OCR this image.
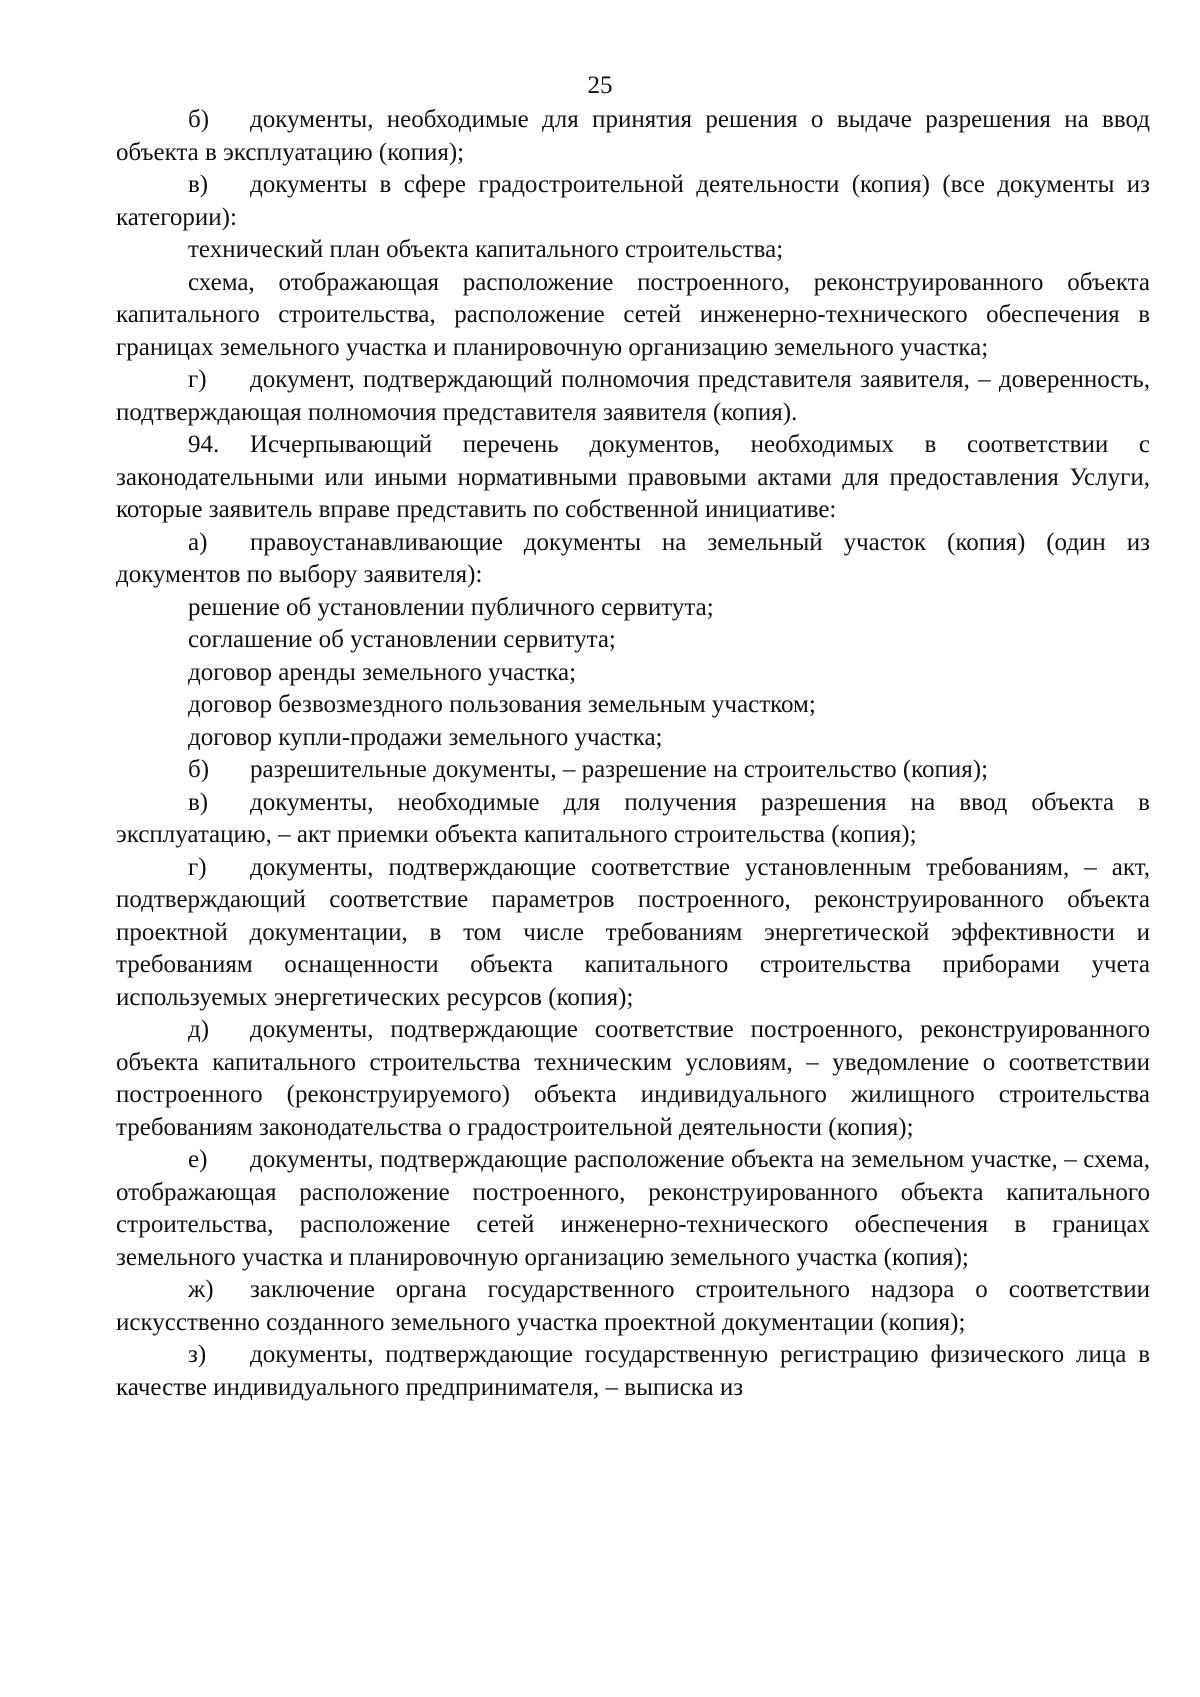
25

б) документы, необходимые для принятия решения о выдаче разрешения на ввод объекта в эксплуатацию (копия);

в) документы в сфере градостроительной деятельности (копия) (все документы из категории):

технический план объекта капитального строительства;

схема, отображающая расположение построенного, реконструированного объекта капитального строительства, расположение сетей инженерно-технического обеспечения в границах земельного участка и планировочную организацию земельного участка;

г) документ, подтверждающий полномочия представителя заявителя, – доверенность, подтверждающая полномочия представителя заявителя (копия).

94. Исчерпывающий перечень документов, необходимых в соответствии с законодательными или иными нормативными правовыми актами для предоставления Услуги, которые заявитель вправе представить по собственной инициативе:

а) правоустанавливающие документы на земельный участок (копия) (один из документов по выбору заявителя):

решение об установлении публичного сервитута;

соглашение об установлении сервитута;

договор аренды земельного участка;

договор безвозмездного пользования земельным участком;

договор купли-продажи земельного участка;

б) разрешительные документы, – разрешение на строительство (копия);

в) документы, необходимые для получения разрешения на ввод объекта в эксплуатацию, – акт приемки объекта капитального строительства (копия);

г) документы, подтверждающие соответствие установленным требованиям, – акт, подтверждающий соответствие параметров построенного, реконструированного объекта проектной документации, в том числе требованиям энергетической эффективности и требованиям оснащенности объекта капитального строительства приборами учета используемых энергетических ресурсов (копия);

д) документы, подтверждающие соответствие построенного, реконструированного объекта капитального строительства техническим условиям, – уведомление о соответствии построенного (реконструируемого) объекта индивидуального жилищного строительства требованиям законодательства о градостроительной деятельности (копия);

е) документы, подтверждающие расположение объекта на земельном участке, – схема, отображающая расположение построенного, реконструированного объекта капитального строительства, расположение сетей инженерно-технического обеспечения в границах земельного участка и планировочную организацию земельного участка (копия);

ж) заключение органа государственного строительного надзора о соответствии искусственно созданного земельного участка проектной документации (копия);

з) документы, подтверждающие государственную регистрацию физического лица в качестве индивидуального предпринимателя, – выписка из
